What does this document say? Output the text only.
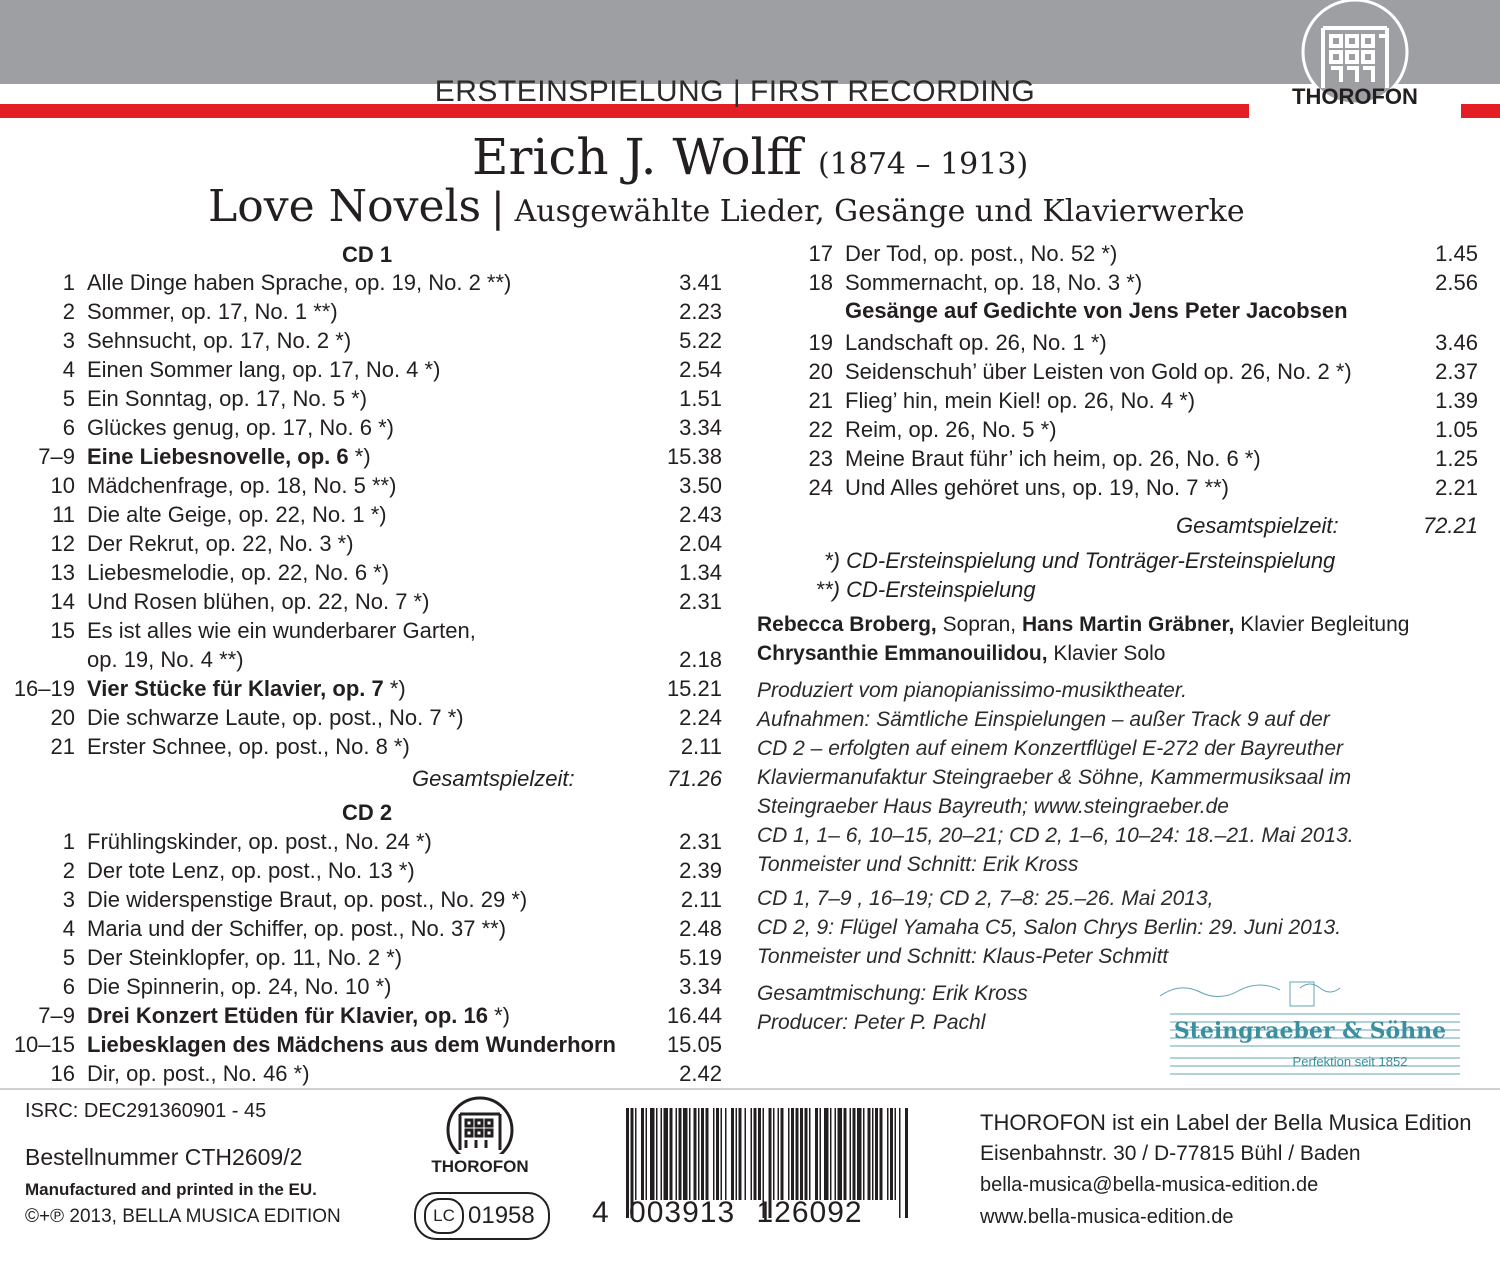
ERSTEINSPIELUNG | FIRST RECORDING	THOROFON
Erich J. Wolff (1874 – 1913)
Love Novels | Ausgewählte Lieder, Gesänge und Klavierwerke
CD 1
1 Alle Dinge haben Sprache, op. 19, No. 2 **)	3.41
2 Sommer, op. 17, No. 1 **)	2.23
3 Sehnsucht, op. 17, No. 2 *)	5.22
4 Einen Sommer lang, op. 17, No. 4 *)	2.54
5 Ein Sonntag, op. 17, No. 5 *)	1.51
6 Glückes genug, op. 17, No. 6 *)	3.34
7–9 Eine Liebesnovelle, op. 6 *)	15.38
10 Mädchenfrage, op. 18, No. 5 **)	3.50
11 Die alte Geige, op. 22, No. 1 *)	2.43
12 Der Rekrut, op. 22, No. 3 *)	2.04
13 Liebesmelodie, op. 22, No. 6 *)	1.34
14 Und Rosen blühen, op. 22, No. 7 *)	2.31
15 Es ist alles wie ein wunderbarer Garten,
op. 19, No. 4 **)	2.18
16–19 Vier Stücke für Klavier, op. 7 *)	15.21
20 Die schwarze Laute, op. post., No. 7 *)	2.24
21 Erster Schnee, op. post., No. 8 *)	2.11
Gesamtspielzeit:	71.26
CD 2
1 Frühlingskinder, op. post., No. 24 *)	2.31
2 Der tote Lenz, op. post., No. 13 *)	2.39
3 Die widerspenstige Braut, op. post., No. 29 *)	2.11
4 Maria und der Schiffer, op. post., No. 37 **)	2.48
5 Der Steinklopfer, op. 11, No. 2 *)	5.19
6 Die Spinnerin, op. 24, No. 10 *)	3.34
7–9 Drei Konzert Etüden für Klavier, op. 16 *)	16.44
10–15 Liebesklagen des Mädchens aus dem Wunderhorn 15.05
16 Dir, op. post., No. 46 *)	2.42
17 Der Tod, op. post., No. 52 *)	1.45
18 Sommernacht, op. 18, No. 3 *)	2.56
Gesänge auf Gedichte von Jens Peter Jacobsen
19 Landschaft op. 26, No. 1 *)	3.46
20 Seidenschuh’ über Leisten von Gold op. 26, No. 2 *)	2.37
21 Flieg’ hin, mein Kiel! op. 26, No. 4 *)	1.39
22 Reim, op. 26, No. 5 *)	1.05
23 Meine Braut führ’ ich heim, op. 26, No. 6 *)	1.25
24 Und Alles gehöret uns, op. 19, No. 7 **)	2.21
Gesamtspielzeit:	72.21
*) CD-Ersteinspielung und Tonträger-Ersteinspielung
**) CD-Ersteinspielung
Rebecca Broberg, Sopran, Hans Martin Gräbner, Klavier Begleitung
Chrysanthie Emmanouilidou, Klavier Solo
Produziert vom pianopianissimo-musiktheater.
Aufnahmen: Sämtliche Einspielungen – außer Track 9 auf der
CD 2 – erfolgten auf einem Konzertflügel E-272 der Bayreuther
Klaviermanufaktur Steingraeber & Söhne, Kammermusiksaal im
Steingraeber Haus Bayreuth; www.steingraeber.de
CD 1, 1– 6, 10–15, 20–21; CD 2, 1–6, 10–24: 18.–21. Mai 2013.
Tonmeister und Schnitt: Erik Kross
CD 1, 7–9 , 16–19; CD 2, 7–8: 25.–26. Mai 2013,
CD 2, 9: Flügel Yamaha C5, Salon Chrys Berlin: 29. Juni 2013.
Tonmeister und Schnitt: Klaus-Peter Schmitt
Gesamtmischung: Erik Kross
Producer: Peter P. Pachl	Steingraeber & Söhne
Perfektion seit 1852
ISRC: DEC291360901 - 45
Bestellnummer CTH2609/2
Manufactured and printed in the EU.
©+℗ 2013, BELLA MUSICA EDITION
THOROFON
LC 01958 4 003913 126092
THOROFON ist ein Label der Bella Musica Edition
Eisenbahnstr. 30 / D-77815 Bühl / Baden
bella-musica@bella-musica-edition.de
www.bella-musica-edition.de
